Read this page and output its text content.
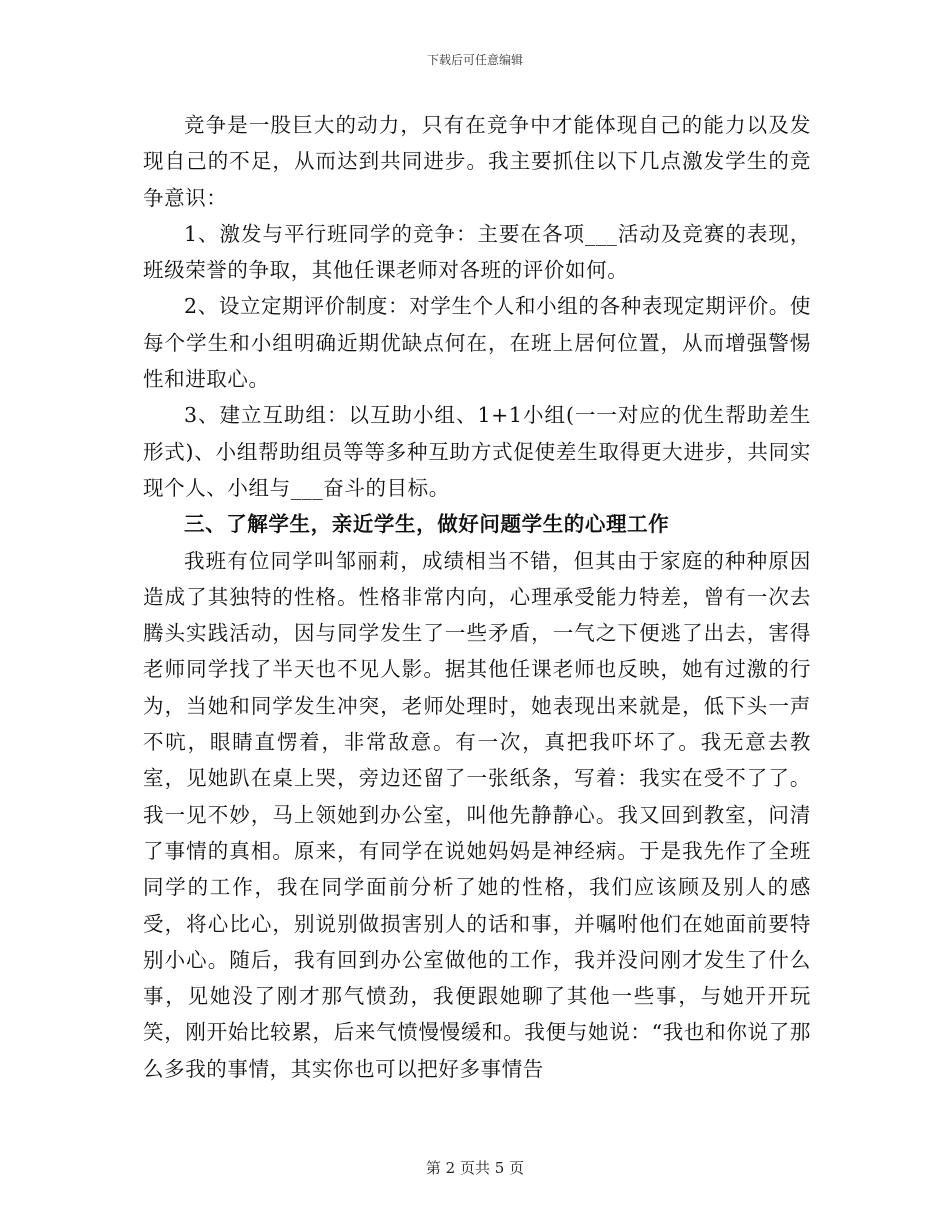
下载后可任意编辑

竞争是一股巨大的动力，只有在竞争中才能体现自己的能力以及发现自己的不足，从而达到共同进步。我主要抓住以下几点激发学生的竞争意识：

1、激发与平行班同学的竞争：主要在各项___活动及竞赛的表现，班级荣誉的争取，其他任课老师对各班的评价如何。

2、设立定期评价制度：对学生个人和小组的各种表现定期评价。使每个学生和小组明确近期优缺点何在，在班上居何位置，从而增强警惕性和进取心。

3、建立互助组：以互助小组、1+1小组(一一对应的优生帮助差生形式)、小组帮助组员等等多种互助方式促使差生取得更大进步，共同实现个人、小组与___奋斗的目标。

三、了解学生，亲近学生，做好问题学生的心理工作

我班有位同学叫邹丽莉，成绩相当不错，但其由于家庭的种种原因造成了其独特的性格。性格非常内向，心理承受能力特差，曾有一次去腾头实践活动，因与同学发生了一些矛盾，一气之下便逃了出去，害得老师同学找了半天也不见人影。据其他任课老师也反映，她有过激的行为，当她和同学发生冲突，老师处理时，她表现出来就是，低下头一声不吭，眼睛直愣着，非常敌意。有一次，真把我吓坏了。我无意去教室，见她趴在桌上哭，旁边还留了一张纸条，写着：我实在受不了了。我一见不妙，马上领她到办公室，叫他先静静心。我又回到教室，问清了事情的真相。原来，有同学在说她妈妈是神经病。于是我先作了全班同学的工作，我在同学面前分析了她的性格，我们应该顾及别人的感受，将心比心，别说别做损害别人的话和事，并嘱咐他们在她面前要特别小心。随后，我有回到办公室做他的工作，我并没问刚才发生了什么事，见她没了刚才那气愤劲，我便跟她聊了其他一些事，与她开开玩笑，刚开始比较累，后来气愤慢慢缓和。我便与她说：“我也和你说了那么多我的事情，其实你也可以把好多事情告

第 2 页共 5 页
